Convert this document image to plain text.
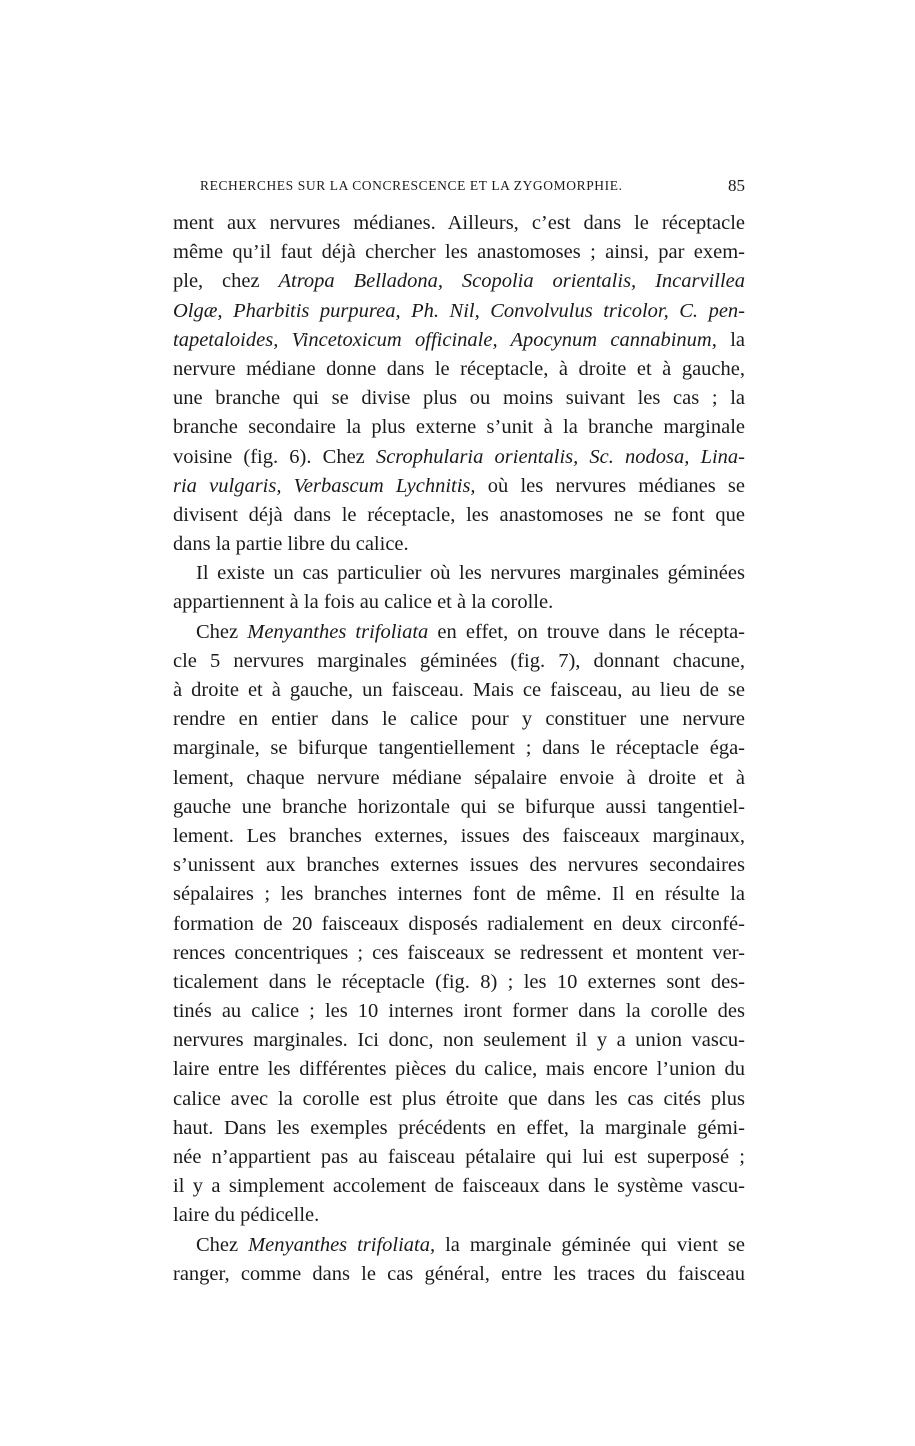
RECHERCHES SUR LA CONCRESCENCE ET LA ZYGOMORPHIE.	85
ment aux nervures médianes. Ailleurs, c’est dans le réceptacle
même qu’il faut déjà chercher les anastomoses ; ainsi, par exem-
ple, chez Atropa Belladona, Scopolia orientalis, Incarvillea
Olgæ, Pharbitis purpurea, Ph. Nil, Convolvulus tricolor, C. pen-
tapetaloides, Vincetoxicum officinale, Apocynum cannabinum, la
nervure médiane donne dans le réceptacle, à droite et à gauche,
une branche qui se divise plus ou moins suivant les cas ; la
branche secondaire la plus externe s’unit à la branche marginale
voisine (fig. 6). Chez Scrophularia orientalis, Sc. nodosa, Lina-
ria vulgaris, Verbascum Lychnitis, où les nervures médianes se
divisent déjà dans le réceptacle, les anastomoses ne se font que
dans la partie libre du calice.
Il existe un cas particulier où les nervures marginales géminées
appartiennent à la fois au calice et à la corolle.
Chez Menyanthes trifoliata en effet, on trouve dans le récepta-
cle 5 nervures marginales géminées (fig. 7), donnant chacune,
à droite et à gauche, un faisceau. Mais ce faisceau, au lieu de se
rendre en entier dans le calice pour y constituer une nervure
marginale, se bifurque tangentiellement ; dans le réceptacle éga-
lement, chaque nervure médiane sépalaire envoie à droite et à
gauche une branche horizontale qui se bifurque aussi tangentiel-
lement. Les branches externes, issues des faisceaux marginaux,
s’unissent aux branches externes issues des nervures secondaires
sépalaires ; les branches internes font de même. Il en résulte la
formation de 20 faisceaux disposés radialement en deux circonfé-
rences concentriques ; ces faisceaux se redressent et montent ver-
ticalement dans le réceptacle (fig. 8) ; les 10 externes sont des-
tinés au calice ; les 10 internes iront former dans la corolle des
nervures marginales. Ici donc, non seulement il y a union vascu-
laire entre les différentes pièces du calice, mais encore l’union du
calice avec la corolle est plus étroite que dans les cas cités plus
haut. Dans les exemples précédents en effet, la marginale gémi-
née n’appartient pas au faisceau pétalaire qui lui est superposé ;
il y a simplement accolement de faisceaux dans le système vascu-
laire du pédicelle.
Chez Menyanthes trifoliata, la marginale géminée qui vient se
ranger, comme dans le cas général, entre les traces du faisceau
